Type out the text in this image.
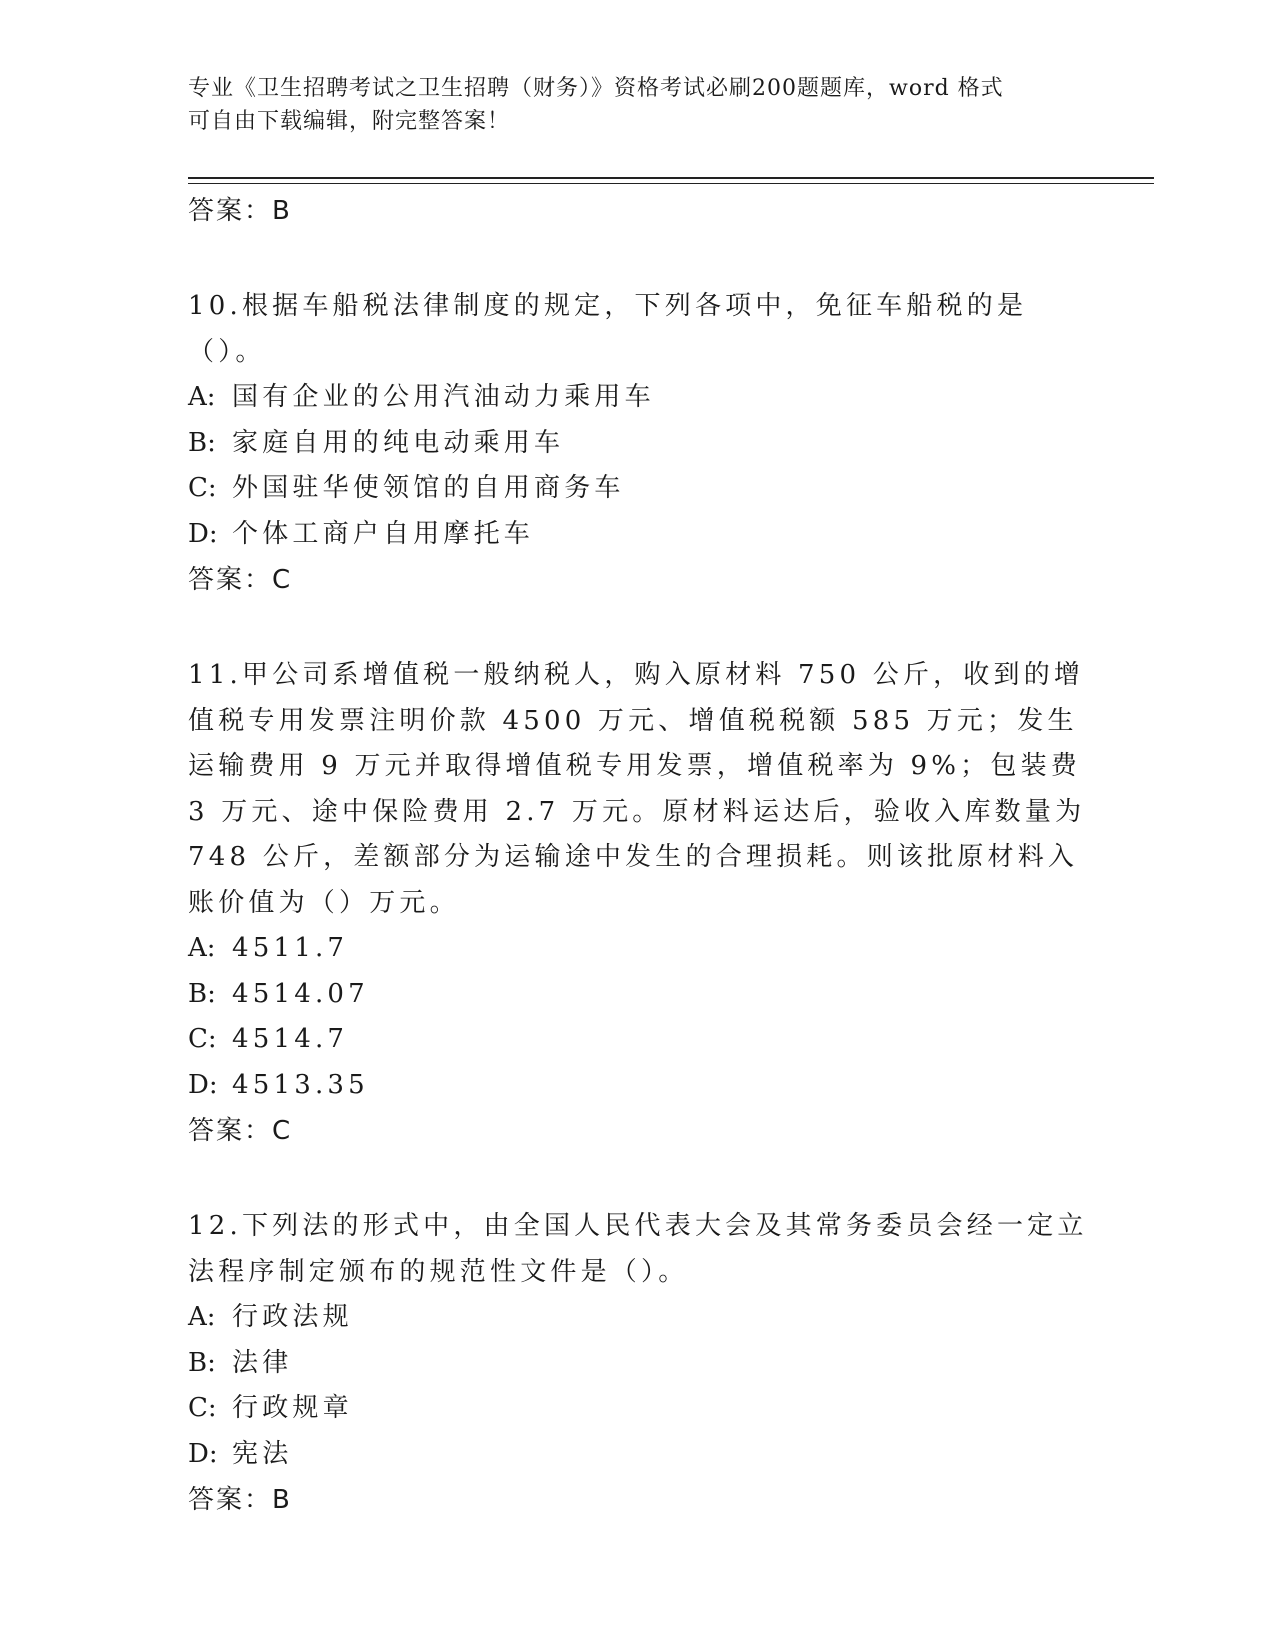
专业《卫生招聘考试之卫生招聘（财务）》资格考试必刷200题题库，word 格式
可自由下载编辑，附完整答案！
答案：B
10.根据车船税法律制度的规定，下列各项中，免征车船税的是（）。
A: 国有企业的公用汽油动力乘用车
B: 家庭自用的纯电动乘用车
C: 外国驻华使领馆的自用商务车
D: 个体工商户自用摩托车
答案：C
11.甲公司系增值税一般纳税人，购入原材料 750 公斤，收到的增值税专用发票注明价款 4500 万元、增值税税额 585 万元；发生运输费用 9 万元并取得增值税专用发票，增值税率为 9%；包装费 3 万元、途中保险费用 2.7 万元。原材料运达后，验收入库数量为 748 公斤，差额部分为运输途中发生的合理损耗。则该批原材料入账价值为（）万元。
A: 4511.7
B: 4514.07
C: 4514.7
D: 4513.35
答案：C
12.下列法的形式中，由全国人民代表大会及其常务委员会经一定立法程序制定颁布的规范性文件是（）。
A: 行政法规
B: 法律
C: 行政规章
D: 宪法
答案：B
